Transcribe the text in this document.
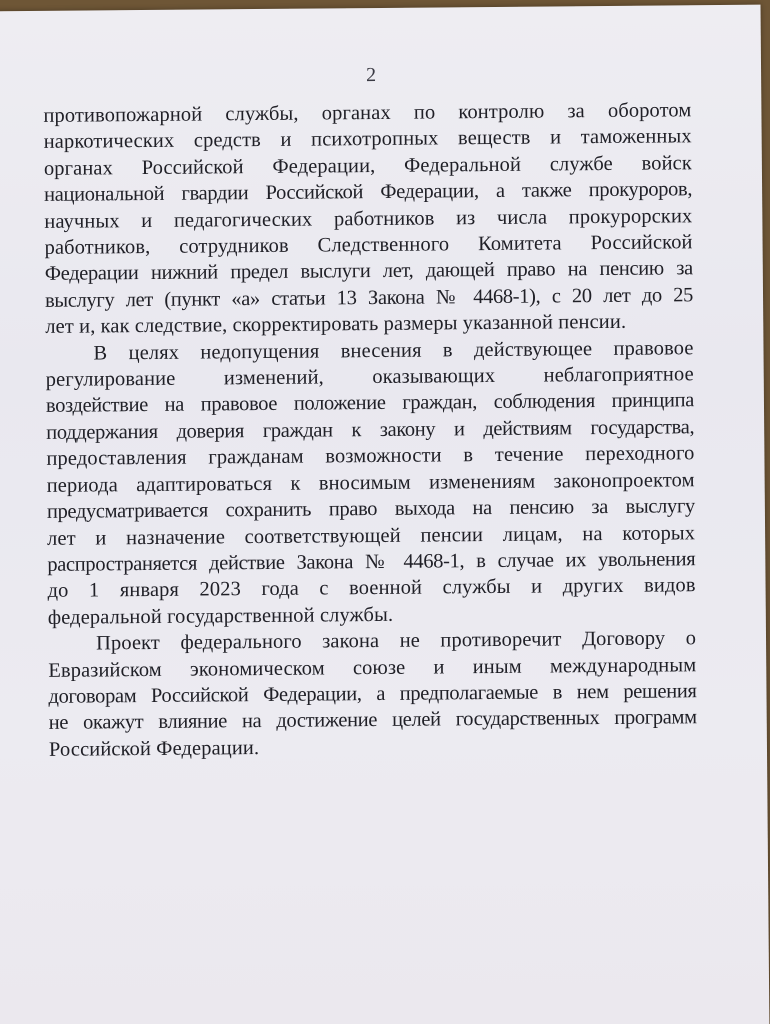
2
противопожарной службы, органах по контролю за оборотом
наркотических средств и психотропных веществ и таможенных
органах Российской Федерации, Федеральной службе войск
национальной гвардии Российской Федерации, а также прокуроров,
научных и педагогических работников из числа прокурорских
работников, сотрудников Следственного Комитета Российской
Федерации нижний предел выслуги лет, дающей право на пенсию за
выслугу лет (пункт «а» статьи 13 Закона № 4468-1), с 20 лет до 25
лет и, как следствие, скорректировать размеры указанной пенсии.
В целях недопущения внесения в действующее правовое
регулирование изменений, оказывающих неблагоприятное
воздействие на правовое положение граждан, соблюдения принципа
поддержания доверия граждан к закону и действиям государства,
предоставления гражданам возможности в течение переходного
периода адаптироваться к вносимым изменениям законопроектом
предусматривается сохранить право выхода на пенсию за выслугу
лет и назначение соответствующей пенсии лицам, на которых
распространяется действие Закона № 4468-1, в случае их увольнения
до 1 января 2023 года с военной службы и других видов
федеральной государственной службы.
Проект федерального закона не противоречит Договору о
Евразийском экономическом союзе и иным международным
договорам Российской Федерации, а предполагаемые в нем решения
не окажут влияние на достижение целей государственных программ
Российской Федерации.
